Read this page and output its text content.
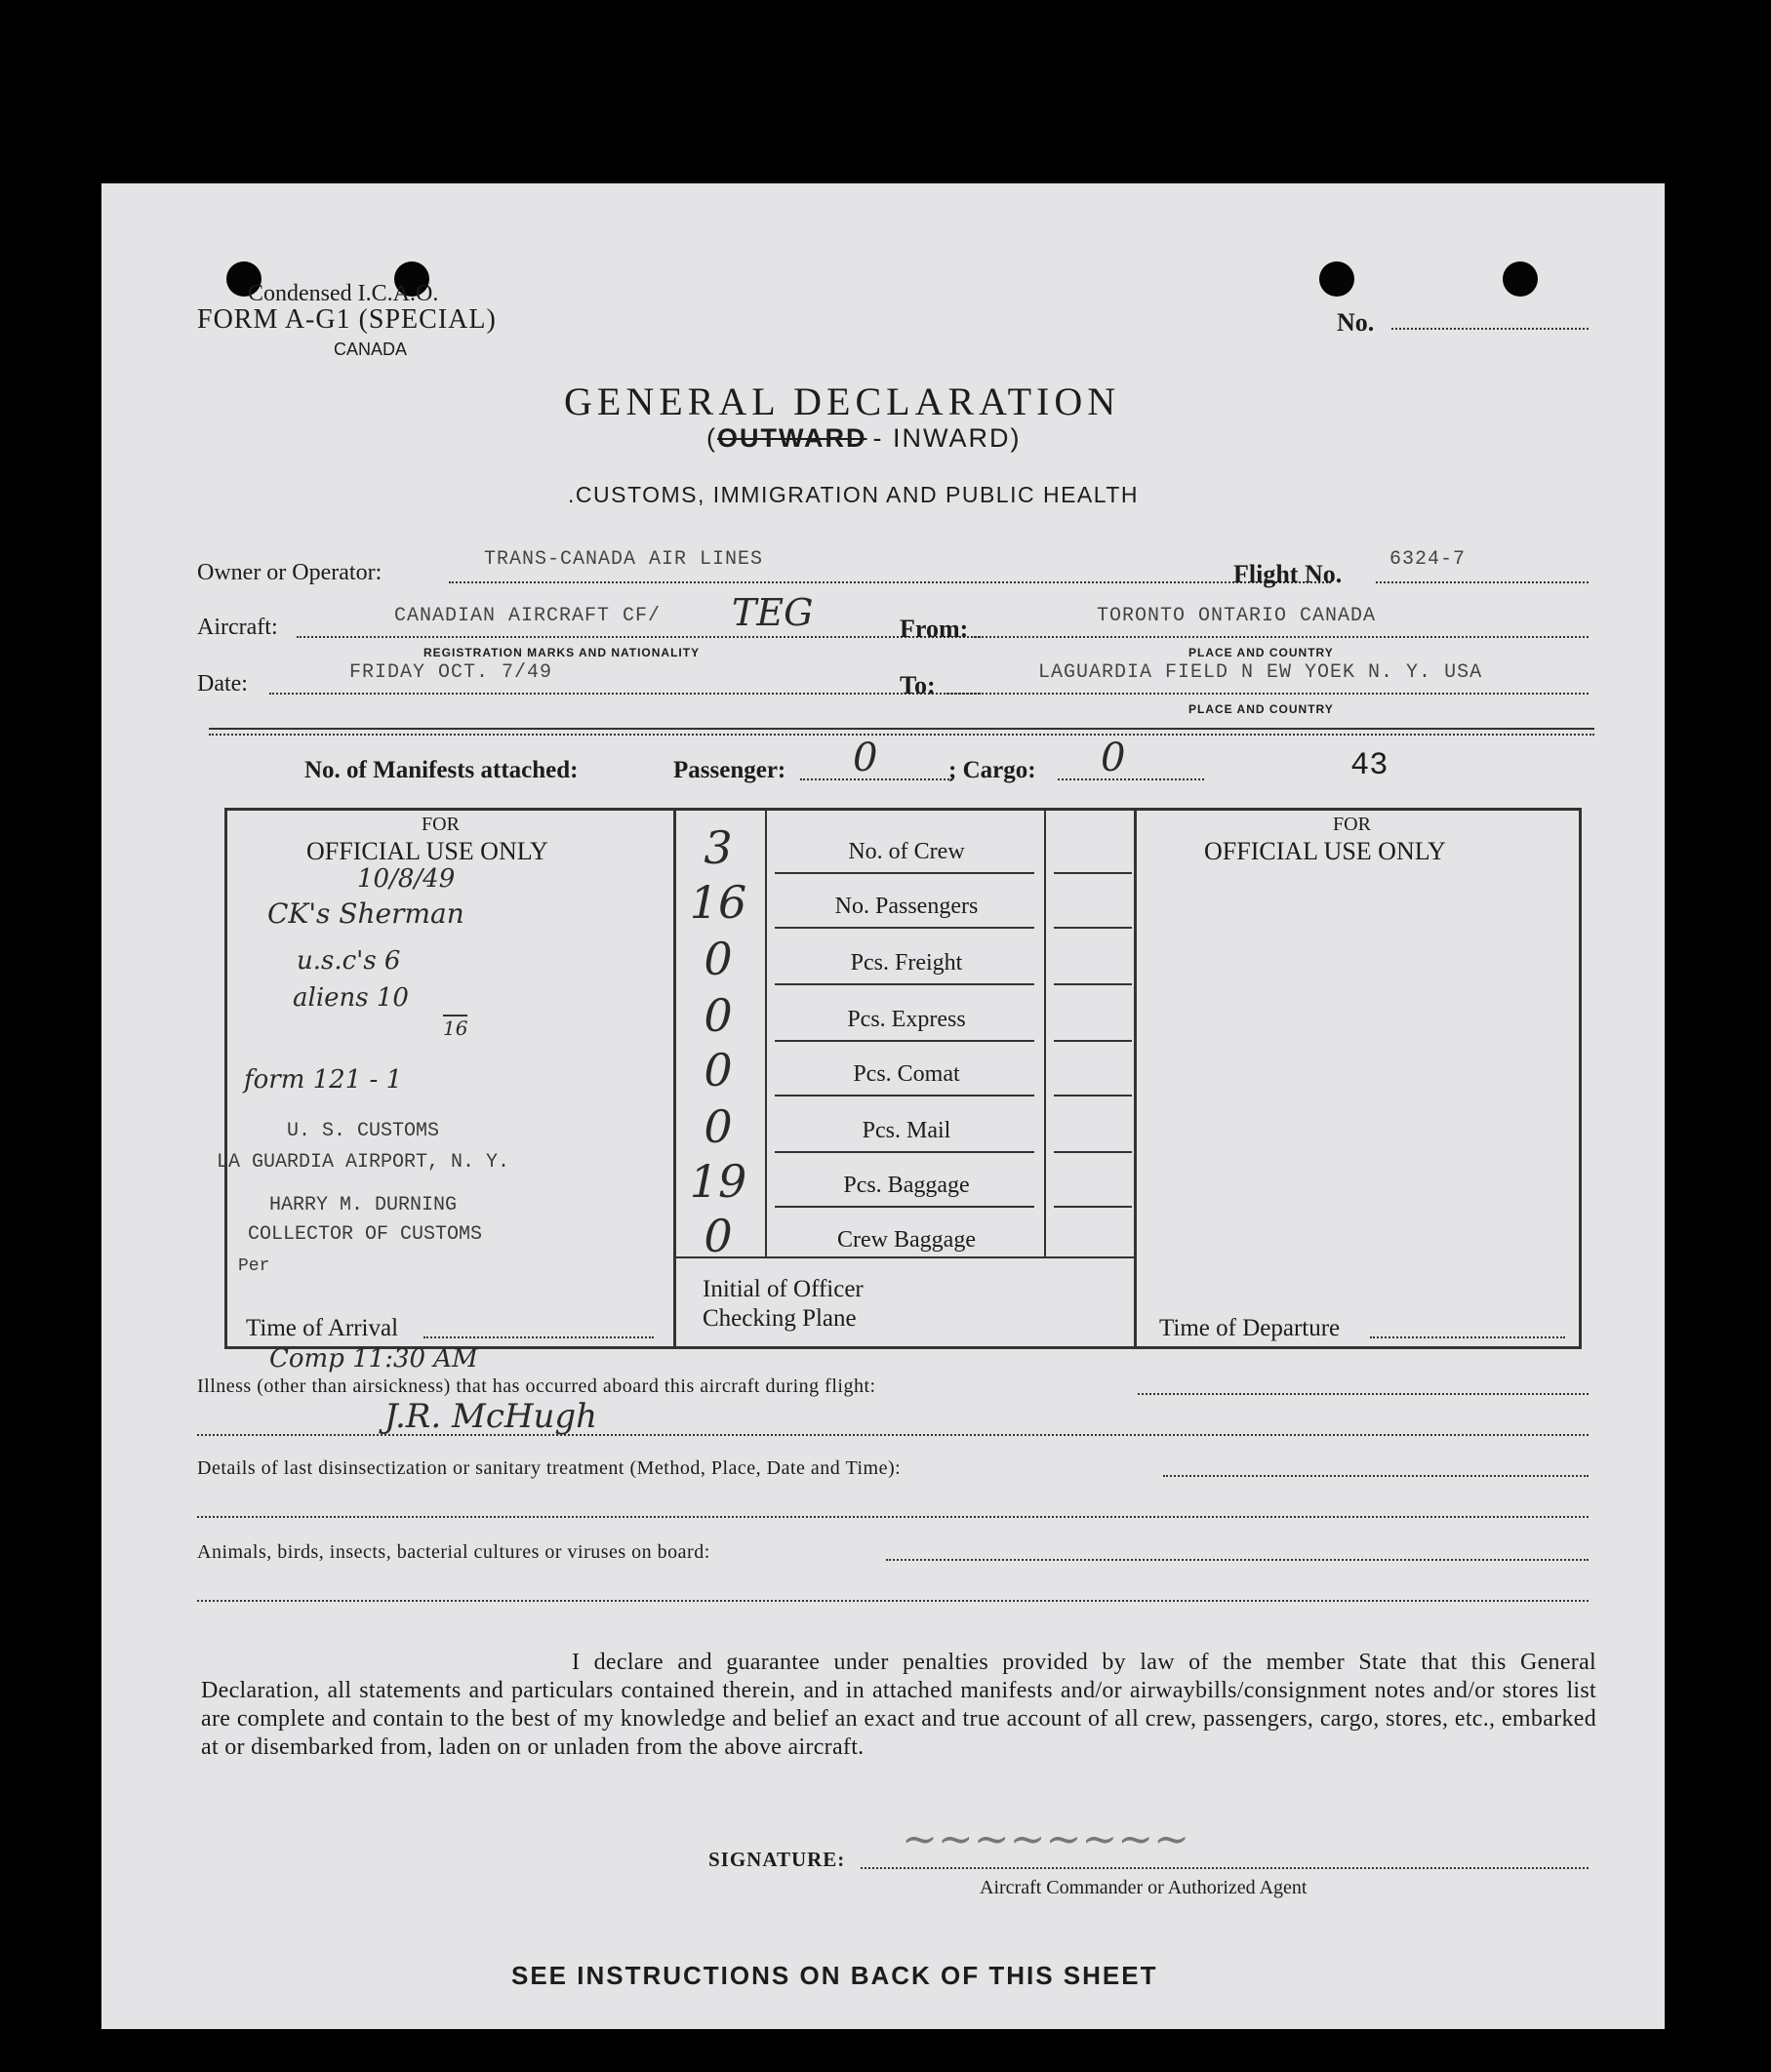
Condensed I.C.A.O.
FORM A-G1 (SPECIAL)
CANADA
No.
GENERAL DECLARATION
(OUTWARD - INWARD)
.CUSTOMS, IMMIGRATION AND PUBLIC HEALTH
Owner or Operator:
TRANS-CANADA AIR LINES
Flight No.
6324-7
Aircraft:	CANADIAN AIRCRAFT CF/ TEG
REGISTRATION MARKS AND NATIONALITY
From:	TORONTO ONTARIO CANADA
PLACE AND COUNTRY
Date:	FRIDAY OCT. 7/49	To:	LAGUARDIA FIELD N EW YOEK N. Y. USA
PLACE AND COUNTRY
No. of Manifests attached:	Passenger: 0	; Cargo: 0	43
FOR
OFFICIAL USE ONLY
10/8/49
CK's Sherman
u.s.c's 6
aliens 10
16
form 121 - 1
U. S. CUSTOMS
LA GUARDIA AIRPORT, N. Y.
HARRY M. DURNING
COLLECTOR OF CUSTOMS
Per
Time of Arrival
3	No. of Crew
16	No. Passengers
0	Pcs. Freight
0	Pcs. Express
0	Pcs. Comat
0	Pcs. Mail
19	Pcs. Baggage
0	Crew Baggage
Initial of Officer
Checking Plane
FOR
OFFICIAL USE ONLY
Time of Departure
Comp 11:30 AM
Illness (other than airsickness) that has occurred aboard this aircraft during flight:
J.R. McHugh
Details of last disinsectization or sanitary treatment (Method, Place, Date and Time):
Animals, birds, insects, bacterial cultures or viruses on board:
I declare and guarantee under penalties provided by law of the member State that this General Declaration, all statements and particulars contained therein, and in attached manifests and/or airwaybills/consignment notes and/or stores list are complete and contain to the best of my knowledge and belief an exact and true account of all crew, passengers, cargo, stores, etc., embarked at or disembarked from, laden on or unladen from the above aircraft.
SIGNATURE: ~~~~~~~~
Aircraft Commander or Authorized Agent
SEE INSTRUCTIONS ON BACK OF THIS SHEET
